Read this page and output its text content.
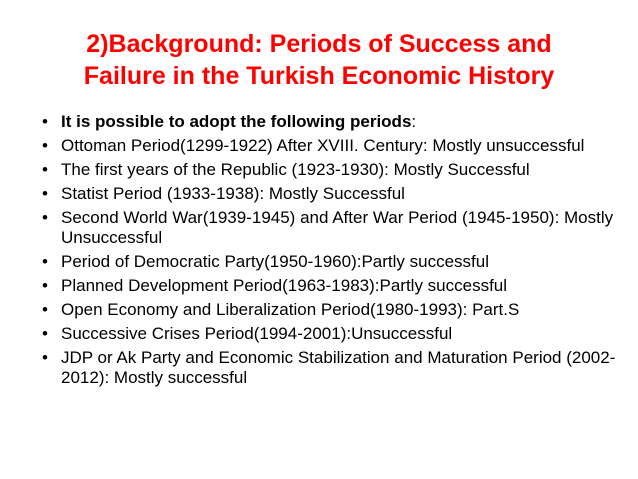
2)Background: Periods of Success and
Failure in the Turkish Economic History
• It is possible to adopt the following periods:
• Ottoman Period(1299-1922) After XVIII. Century: Mostly unsuccessful
• The first years of the Republic (1923-1930): Mostly Successful
• Statist Period (1933-1938): Mostly Successful
• Second World War(1939-1945) and After War Period (1945-1950): Mostly Unsuccessful
• Period of Democratic Party(1950-1960):Partly successful
• Planned Development Period(1963-1983):Partly successful
• Open Economy and Liberalization Period(1980-1993): Part.S
• Successive Crises Period(1994-2001):Unsuccessful
• JDP or Ak Party and Economic Stabilization and Maturation Period (2002-2012): Mostly successful
